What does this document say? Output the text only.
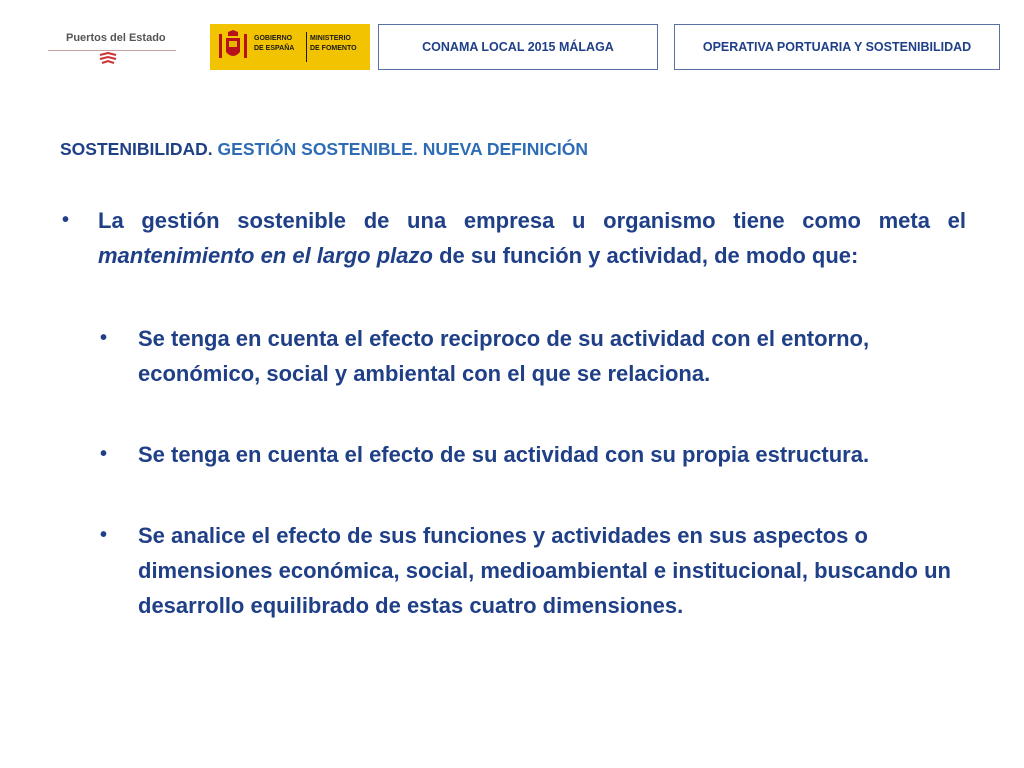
Puertos del Estado	GOBIERNO
DE ESPAÑA
MINISTERIO
DE FOMENTO	CONAMA LOCAL 2015 MÁLAGA	OPERATIVA PORTUARIA Y SOSTENIBILIDAD
SOSTENIBILIDAD. GESTIÓN SOSTENIBLE. NUEVA DEFINICIÓN
• La gestión sostenible de una empresa u organismo tiene como meta el mantenimiento en el largo plazo de su función y actividad, de modo que:
• Se tenga en cuenta el efecto reciproco de su actividad con el entorno, económico, social y ambiental con el que se relaciona.
• Se tenga en cuenta el efecto de su actividad con su propia estructura.
• Se analice el efecto de sus funciones y actividades en sus aspectos o dimensiones económica, social, medioambiental e institucional, buscando un desarrollo equilibrado de estas cuatro dimensiones.
